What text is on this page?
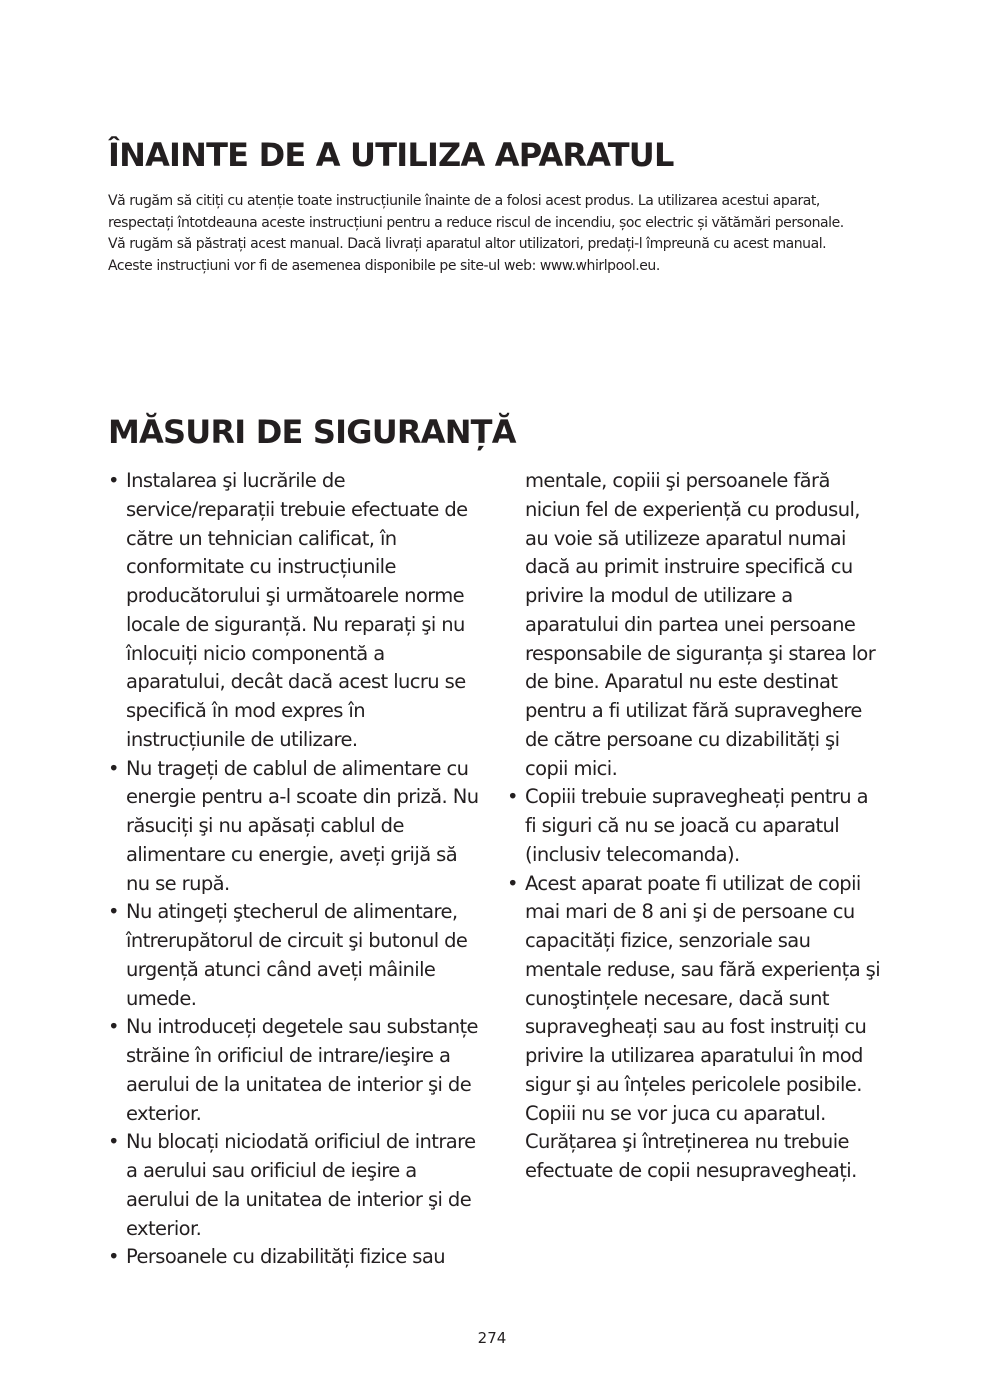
ÎNAINTE DE A UTILIZA APARATUL

Vă rugăm să citiți cu atenție toate instrucțiunile înainte de a folosi acest produs. La utilizarea acestui aparat, respectați întotdeauna aceste instrucțiuni pentru a reduce riscul de incendiu, șoc electric și vătămări personale.

Vă rugăm să păstrați acest manual. Dacă livrați aparatul altor utilizatori, predați-l împreună cu acest manual.

Aceste instrucțiuni vor fi de asemenea disponibile pe site-ul web: www.whirlpool.eu.

MĂSURI DE SIGURANȚĂ
• Instalarea şi lucrările de service/reparații trebuie efectuate de către un tehnician calificat, în conformitate cu instrucțiunile producătorului şi următoarele norme locale de siguranță. Nu reparați şi nu înlocuiți nicio componentă a aparatului, decât dacă acest lucru se specifică în mod expres în instrucțiunile de utilizare.
• Nu trageți de cablul de alimentare cu energie pentru a-l scoate din priză. Nu răsuciți şi nu apăsați cablul de alimentare cu energie, aveți grijă să nu se rupă.
• Nu atingeți ştecherul de alimentare, întrerupătorul de circuit şi butonul de urgență atunci când aveți mâinile umede.
• Nu introduceți degetele sau substanțe străine în orificiul de intrare/ieşire a aerului de la unitatea de interior şi de exterior.
• Nu blocați niciodată orificiul de intrare a aerului sau orificiul de ieşire a aerului de la unitatea de interior şi de exterior.
• Persoanele cu dizabilități fizice sau
mentale, copiii şi persoanele fără niciun fel de experiență cu produsul, au voie să utilizeze aparatul numai dacă au primit instruire specifică cu privire la modul de utilizare a aparatului din partea unei persoane responsabile de siguranța şi starea lor de bine. Aparatul nu este destinat pentru a fi utilizat fără supraveghere de către persoane cu dizabilități şi copii mici.
• Copiii trebuie supravegheați pentru a fi siguri că nu se joacă cu aparatul (inclusiv telecomanda).
• Acest aparat poate fi utilizat de copii mai mari de 8 ani şi de persoane cu capacități fizice, senzoriale sau mentale reduse, sau fără experiența şi cunoştințele necesare, dacă sunt supravegheați sau au fost instruiți cu privire la utilizarea aparatului în mod sigur şi au înțeles pericolele posibile. Copiii nu se vor juca cu aparatul. Curățarea şi întreținerea nu trebuie efectuate de copii nesupravegheați.
274
